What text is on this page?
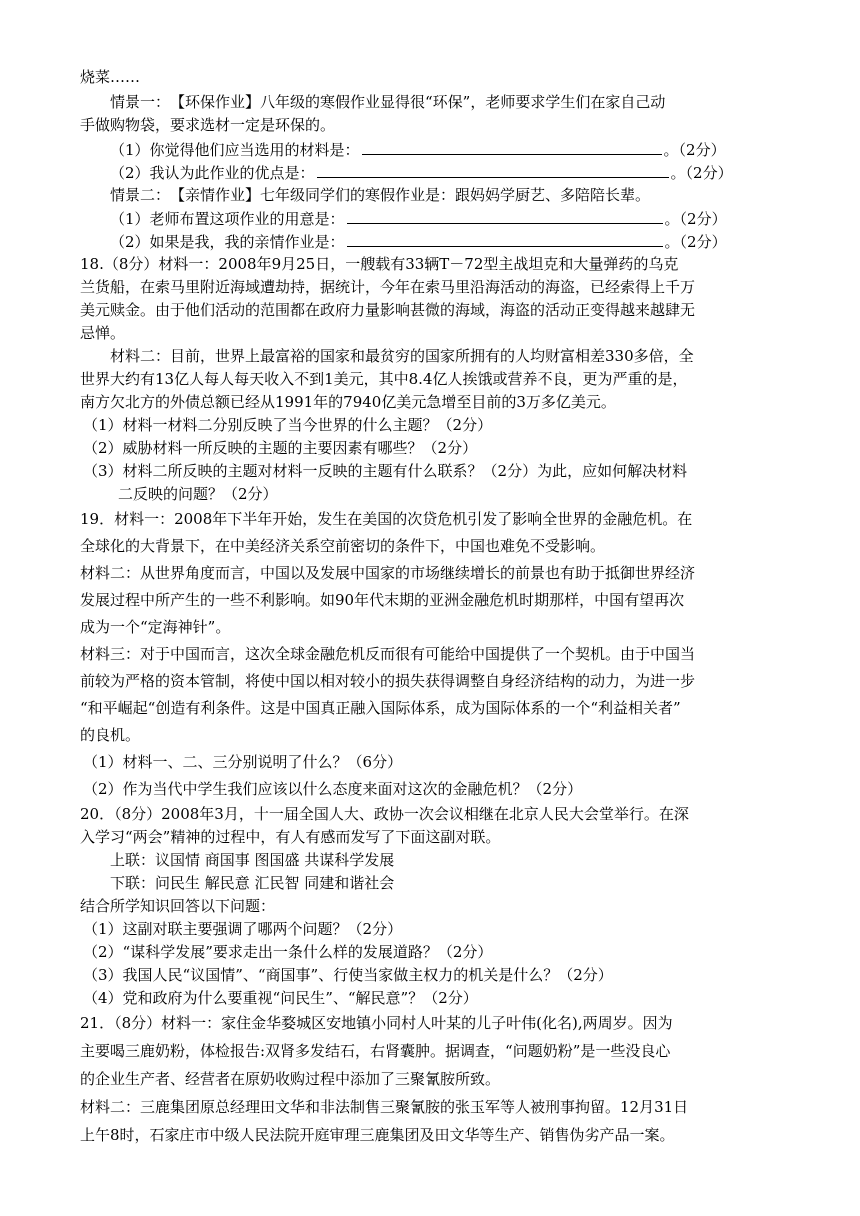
烧菜……
情景一：　【环保作业】八年级的寒假作业显得很“环保”，老师要求学生们在家自己动
手做购物袋，要求选材一定是环保的。
（1）你觉得他们应当选用的材料是：	。（2分）
（2）我认为此作业的优点是：	。（2分）
情景二：　【亲情作业】七年级同学们的寒假作业是：跟妈妈学厨艺、多陪陪长辈。
（1）老师布置这项作业的用意是：	。（2分）
（2）如果是我，我的亲情作业是：	。（2分）
18.（8分）材料一：2008年9月25日，一艘载有33辆T－72型主战坦克和大量弹药的乌克
兰货船，在索马里附近海域遭劫持，据统计，今年在索马里沿海活动的海盗，已经索得上千万
美元赎金。由于他们活动的范围都在政府力量影响甚微的海域，海盗的活动正变得越来越肆无
忌惮。
材料二：目前，世界上最富裕的国家和最贫穷的国家所拥有的人均财富相差330多倍，全
世界大约有13亿人每人每天收入不到1美元，其中8.4亿人挨饿或营养不良，更为严重的是，
南方欠北方的外债总额已经从1991年的7940亿美元急增至目前的3万多亿美元。
（1）材料一材料二分别反映了当今世界的什么主题？（2分）
（2）威胁材料一所反映的主题的主要因素有哪些？（2分）
（3）材料二所反映的主题对材料一反映的主题有什么联系？（2分）为此，应如何解决材料
二反映的问题？（2分）
19．材料一：2008年下半年开始，发生在美国的次贷危机引发了影响全世界的金融危机。在
全球化的大背景下，在中美经济关系空前密切的条件下，中国也难免不受影响。
材料二：从世界角度而言，中国以及发展中国家的市场继续增长的前景也有助于抵御世界经济
发展过程中所产生的一些不利影响。如90年代末期的亚洲金融危机时期那样，中国有望再次
成为一个“定海神针”。
材料三：对于中国而言，这次全球金融危机反而很有可能给中国提供了一个契机。由于中国当
前较为严格的资本管制，将使中国以相对较小的损失获得调整自身经济结构的动力，为进一步
“和平崛起“创造有利条件。这是中国真正融入国际体系，成为国际体系的一个“利益相关者”
的良机。
（1）材料一、二、三分别说明了什么？（6分）
（2）作为当代中学生我们应该以什么态度来面对这次的金融危机？（2分）
20．（8分）2008年3月，十一届全国人大、政协一次会议相继在北京人民大会堂举行。在深
入学习“两会”精神的过程中，有人有感而发写了下面这副对联。
上联：议国情 商国事 图国盛 共谋科学发展
下联：问民生 解民意 汇民智 同建和谐社会
结合所学知识回答以下问题：
（1）这副对联主要强调了哪两个问题？（2分）
（2）“谋科学发展”要求走出一条什么样的发展道路？（2分）
（3）我国人民“议国情”、“商国事”、行使当家做主权力的机关是什么？（2分）
（4）党和政府为什么要重视“问民生”、“解民意”？（2分）
21．（8分）材料一：家住金华婺城区安地镇小同村人叶某的儿子叶伟(化名),两周岁。因为
主要喝三鹿奶粉，体检报告:双肾多发结石，右肾囊肿。据调查，“问题奶粉”是一些没良心
的企业生产者、经营者在原奶收购过程中添加了三聚氰胺所致。
材料二：三鹿集团原总经理田文华和非法制售三聚氰胺的张玉军等人被刑事拘留。12月31日
上午8时，石家庄市中级人民法院开庭审理三鹿集团及田文华等生产、销售伪劣产品一案。
